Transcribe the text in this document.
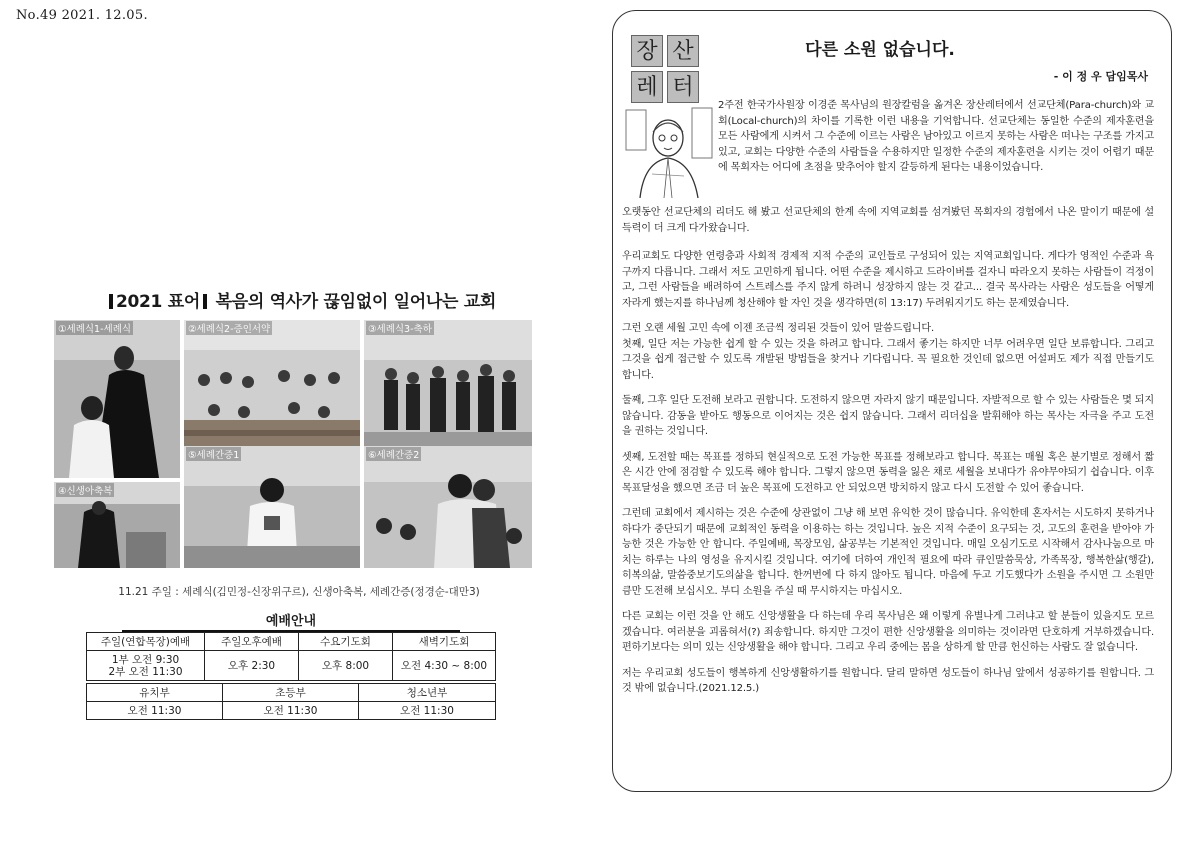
No.49 2021. 12.05.
2021 표어 복음의 역사가 끊임없이 일어나는 교회
①세례식1-세례식	②세례식2-증인서약	③세례식3-축하
④신생아축복
⑤세례간증1	⑥세례간증2
11.21 주일 : 세례식(김민정-신장위구르), 신생아축복, 세례간증(정경순-대만3)
예배안내
주일(연합목장)예배	주일오후예배	수요기도회	새벽기도회
1부 오전 9:30
2부 오전 11:30	오후 2:30	오후 8:00	오전 4:30 ~ 8:00
유치부	초등부	청소년부
오전 11:30	오전 11:30	오전 11:30
장 산
레 터
다른 소원 없습니다.
- 이 정 우 담임목사

2주전 한국가사원장 이경준 목사님의 원장칼럼을 옮겨온 장산레터에서 선교단체(Para-church)와 교회(Local-church)의 차이를 기록한 이런 내용을 기억합니다. 선교단체는 동일한 수준의 제자훈련을 모든 사람에게 시켜서 그 수준에 이르는 사람은 남아있고 이르지 못하는 사람은 떠나는 구조를 가지고 있고, 교회는 다양한 수준의 사람들을 수용하지만 일정한 수준의 제자훈련을 시키는 것이 어렵기 때문에 목회자는 어디에 초점을 맞추어야 할지 갈등하게 된다는 내용이었습니다.

오랫동안 선교단체의 리더도 해 봤고 선교단체의 한계 속에 지역교회를 섬겨봤던 목회자의 경험에서 나온 말이기 때문에 설득력이 더 크게 다가왔습니다.

우리교회도 다양한 연령층과 사회적 경제적 지적 수준의 교인들로 구성되어 있는 지역교회입니다. 게다가 영적인 수준과 욕구까지 다릅니다. 그래서 저도 고민하게 됩니다. 어떤 수준을 제시하고 드라이버를 걸자니 따라오지 못하는 사람들이 걱정이고, 그런 사람들을 배려하여 스트레스를 주지 않게 하려니 성장하지 않는 것 같고... 결국 목사라는 사람은 성도들을 어떻게 자라게 했는지를 하나님께 청산해야 할 자인 것을 생각하면(히 13:17) 두려워지기도 하는 문제였습니다.

그런 오랜 세월 고민 속에 이젠 조금씩 정리된 것들이 있어 말씀드립니다.

첫째, 일단 저는 가능한 쉽게 할 수 있는 것을 하려고 합니다. 그래서 좋기는 하지만 너무 어려우면 일단 보류합니다. 그리고 그것을 쉽게 접근할 수 있도록 개발된 방법들을 찾거나 기다립니다. 꼭 필요한 것인데 없으면 어설퍼도 제가 직접 만들기도 합니다.

둘째, 그후 일단 도전해 보라고 권합니다. 도전하지 않으면 자라지 않기 때문입니다. 자발적으로 할 수 있는 사람들은 몇 되지 않습니다. 감동을 받아도 행동으로 이어지는 것은 쉽지 않습니다. 그래서 리더십을 발휘해야 하는 목사는 자극을 주고 도전을 권하는 것입니다.

셋째, 도전할 때는 목표를 정하되 현실적으로 도전 가능한 목표를 정해보라고 합니다. 목표는 매월 혹은 분기별로 정해서 짧은 시간 안에 점검할 수 있도록 해야 합니다. 그렇지 않으면 동력을 잃은 채로 세월을 보내다가 유야무야되기 쉽습니다. 이후 목표달성을 했으면 조금 더 높은 목표에 도전하고 안 되었으면 방치하지 않고 다시 도전할 수 있어 좋습니다.

그런데 교회에서 제시하는 것은 수준에 상관없이 그냥 해 보면 유익한 것이 많습니다. 유익한데 혼자서는 시도하지 못하거나 하다가 중단되기 때문에 교회적인 동력을 이용하는 하는 것입니다. 높은 지적 수준이 요구되는 것, 고도의 훈련을 받아야 가능한 것은 가능한 안 합니다. 주일예배, 목장모임, 삶공부는 기본적인 것입니다. 매일 오심기도로 시작해서 감사나눔으로 마치는 하루는 나의 영성을 유지시킬 것입니다. 여기에 더하여 개인적 필요에 따라 큐인말씀묵상, 가족목장, 행복한삶(행갈), 히복의삶, 말씀중보기도의삶을 합니다. 한꺼번에 다 하지 않아도 됩니다. 마음에 두고 기도했다가 소원을 주시면 그 소원만큼만 도전해 보십시오. 부디 소원을 주실 때 무시하지는 마십시오.

다른 교회는 이런 것을 안 해도 신앙생활을 다 하는데 우리 목사님은 왜 이렇게 유별나게 그러냐고 할 분들이 있을지도 모르겠습니다. 여러분을 괴롭혀서(?) 죄송합니다. 하지만 그것이 편한 신앙생활을 의미하는 것이라면 단호하게 거부하겠습니다. 편하기보다는 의미 있는 신앙생활을 해야 합니다. 그리고 우리 중에는 몸을 상하게 할 만큼 헌신하는 사람도 잘 없습니다.

저는 우리교회 성도들이 행복하게 신앙생활하기를 원합니다. 달리 말하면 성도들이 하나님 앞에서 성공하기를 원합니다. 그것 밖에 없습니다.(2021.12.5.)
